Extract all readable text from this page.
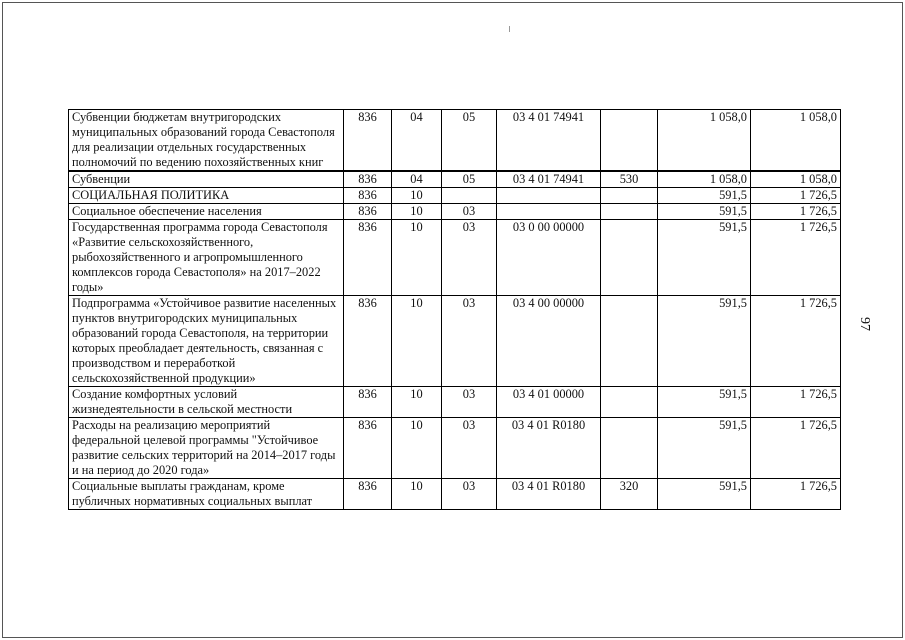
Субвенции бюджетам внутригородских муниципальных образований города Севастополя для реализации отдельных государственных полномочий по ведению похозяйственных книг	836	04	05	03 4 01 74941		1 058,0	1 058,0
Субвенции	836	04	05	03 4 01 74941	530	1 058,0	1 058,0
СОЦИАЛЬНАЯ ПОЛИТИКА	836	10				591,5	1 726,5
Социальное обеспечение населения	836	10	03			591,5	1 726,5
Государственная программа города Севастополя «Развитие сельскохозяйственного, рыбохозяйственного и агропромышленного комплексов города Севастополя» на 2017–2022 годы»	836	10	03	03 0 00 00000		591,5	1 726,5
Подпрограмма «Устойчивое развитие населенных пунктов внутригородских муниципальных образований города Севастополя, на территории которых преобладает деятельность, связанная с производством и переработкой сельскохозяйственной продукции»	836	10	03	03 4 00 00000		591,5	1 726,5
Создание комфортных условий жизнедеятельности в сельской местности	836	10	03	03 4 01 00000		591,5	1 726,5
Расходы на реализацию мероприятий федеральной целевой программы "Устойчивое развитие сельских территорий на 2014–2017 годы и на период до 2020 года»	836	10	03	03 4 01 R0180		591,5	1 726,5
Социальные выплаты гражданам, кроме публичных нормативных социальных выплат	836	10	03	03 4 01 R0180	320	591,5	1 726,5
97
